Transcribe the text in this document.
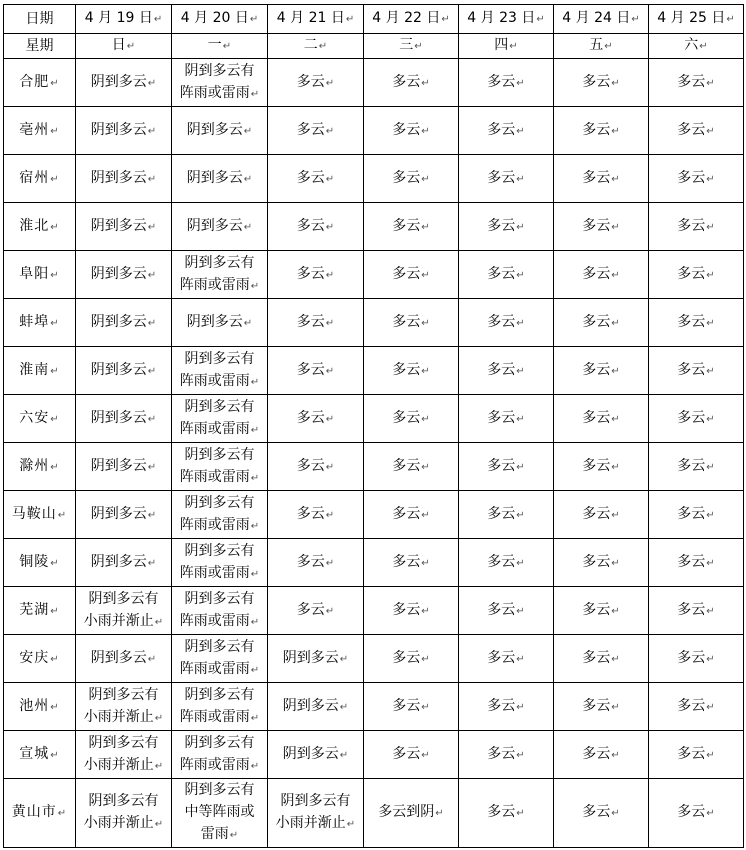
日期	4 月 19 日↵	4 月 20 日↵	4 月 21 日↵	4 月 22 日↵	4 月 23 日↵	4 月 24 日↵	4 月 25 日↵
星期	日↵	一↵	二↵	三↵	四↵	五↵	六↵
合肥↵	阴到多云↵	阴到多云有
阵雨或雷雨↵	多云↵	多云↵	多云↵	多云↵	多云↵
亳州↵	阴到多云↵	阴到多云↵	多云↵	多云↵	多云↵	多云↵	多云↵
宿州↵	阴到多云↵	阴到多云↵	多云↵	多云↵	多云↵	多云↵	多云↵
淮北↵	阴到多云↵	阴到多云↵	多云↵	多云↵	多云↵	多云↵	多云↵
阜阳↵	阴到多云↵	阴到多云有
阵雨或雷雨↵	多云↵	多云↵	多云↵	多云↵	多云↵
蚌埠↵	阴到多云↵	阴到多云↵	多云↵	多云↵	多云↵	多云↵	多云↵
淮南↵	阴到多云↵	阴到多云有
阵雨或雷雨↵	多云↵	多云↵	多云↵	多云↵	多云↵
六安↵	阴到多云↵	阴到多云有
阵雨或雷雨↵	多云↵	多云↵	多云↵	多云↵	多云↵
滁州↵	阴到多云↵	阴到多云有
阵雨或雷雨↵	多云↵	多云↵	多云↵	多云↵	多云↵
马鞍山↵	阴到多云↵	阴到多云有
阵雨或雷雨↵	多云↵	多云↵	多云↵	多云↵	多云↵
铜陵↵	阴到多云↵	阴到多云有
阵雨或雷雨↵	多云↵	多云↵	多云↵	多云↵	多云↵
芜湖↵	阴到多云有
小雨并渐止↵	阴到多云有
阵雨或雷雨↵	多云↵	多云↵	多云↵	多云↵	多云↵
安庆↵	阴到多云↵	阴到多云有
阵雨或雷雨↵	阴到多云↵	多云↵	多云↵	多云↵	多云↵
池州↵	阴到多云有
小雨并渐止↵	阴到多云有
阵雨或雷雨↵	阴到多云↵	多云↵	多云↵	多云↵	多云↵
宣城↵	阴到多云有
小雨并渐止↵	阴到多云有
阵雨或雷雨↵	阴到多云↵	多云↵	多云↵	多云↵	多云↵
黄山市↵	阴到多云有
小雨并渐止↵	阴到多云有
中等阵雨或
雷雨↵	阴到多云有
小雨并渐止↵	多云到阴↵	多云↵	多云↵	多云↵
